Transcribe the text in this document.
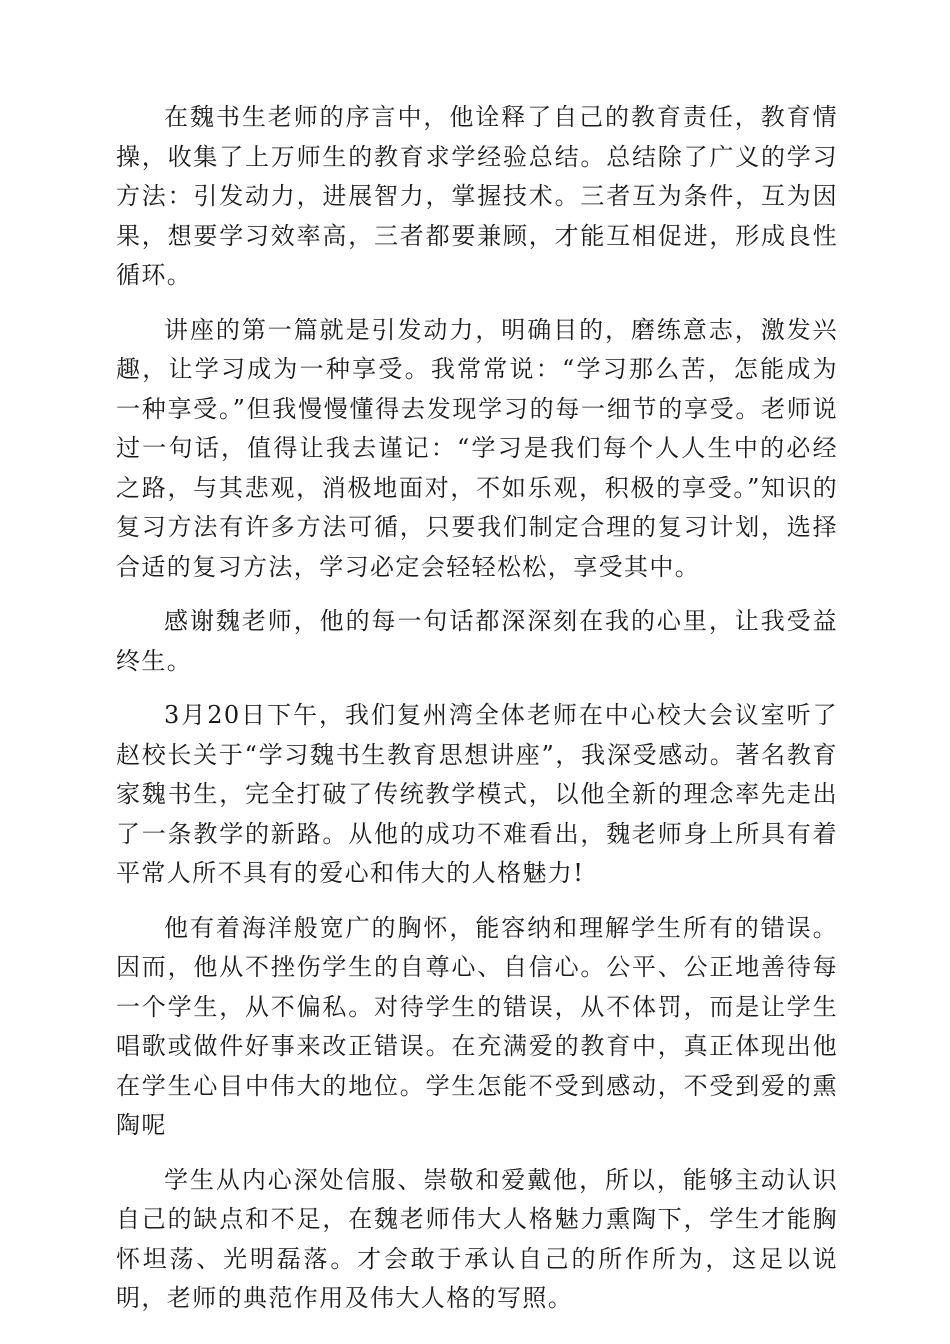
在魏书生老师的序言中，他诠释了自己的教育责任，教育情操，收集了上万师生的教育求学经验总结。总结除了广义的学习方法：引发动力，进展智力，掌握技术。三者互为条件，互为因果，想要学习效率高，三者都要兼顾，才能互相促进，形成良性循环。

讲座的第一篇就是引发动力，明确目的，磨练意志，激发兴趣，让学习成为一种享受。我常常说：“学习那么苦，怎能成为一种享受。”但我慢慢懂得去发现学习的每一细节的享受。老师说过一句话，值得让我去谨记：“学习是我们每个人人生中的必经之路，与其悲观，消极地面对，不如乐观，积极的享受。”知识的复习方法有许多方法可循，只要我们制定合理的复习计划，选择合适的复习方法，学习必定会轻轻松松，享受其中。

感谢魏老师，他的每一句话都深深刻在我的心里，让我受益终生。

3月20日下午，我们复州湾全体老师在中心校大会议室听了赵校长关于“学习魏书生教育思想讲座”，我深受感动。著名教育家魏书生，完全打破了传统教学模式，以他全新的理念率先走出了一条教学的新路。从他的成功不难看出，魏老师身上所具有着平常人所不具有的爱心和伟大的人格魅力!

他有着海洋般宽广的胸怀，能容纳和理解学生所有的错误。因而，他从不挫伤学生的自尊心、自信心。公平、公正地善待每一个学生，从不偏私。对待学生的错误，从不体罚，而是让学生唱歌或做件好事来改正错误。在充满爱的教育中，真正体现出他在学生心目中伟大的地位。学生怎能不受到感动，不受到爱的熏陶呢

学生从内心深处信服、崇敬和爱戴他，所以，能够主动认识自己的缺点和不足，在魏老师伟大人格魅力熏陶下，学生才能胸怀坦荡、光明磊落。才会敢于承认自己的所作所为，这足以说明，老师的典范作用及伟大人格的写照。
